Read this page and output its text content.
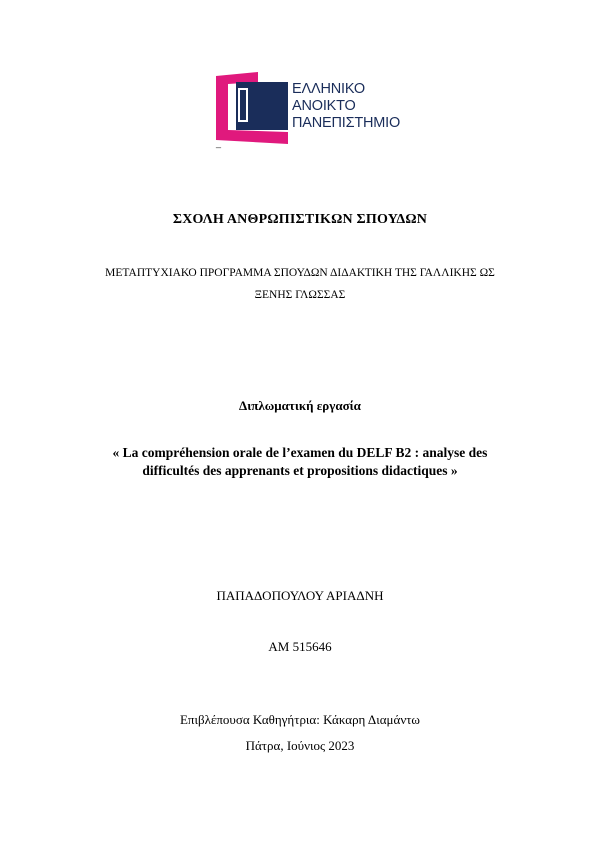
ΕΛΛΗΝΙΚΟ
ΑΝΟΙΚΤΟ
ΠΑΝΕΠΙΣΤΗΜΙΟ
_
ΣΧΟΛΗ ΑΝΘΡΩΠΙΣΤΙΚΩΝ ΣΠΟΥΔΩΝ
ΜΕΤΑΠΤΥΧΙΑΚΟ ΠΡΟΓΡΑΜΜΑ ΣΠΟΥΔΩΝ ΔΙΔΑΚΤΙΚΗ ΤΗΣ ΓΑΛΛΙΚΗΣ ΩΣ
ΞΕΝΗΣ ΓΛΩΣΣΑΣ
Διπλωματική εργασία
« La compréhension orale de l’examen du DELF B2 : analyse des
difficultés des apprenants et propositions didactiques »
ΠΑΠΑΔΟΠΟΥΛΟΥ ΑΡΙΑΔΝΗ
ΑΜ 515646
Επιβλέπουσα Καθηγήτρια: Κάκαρη Διαμάντω
Πάτρα, Ιούνιος 2023
